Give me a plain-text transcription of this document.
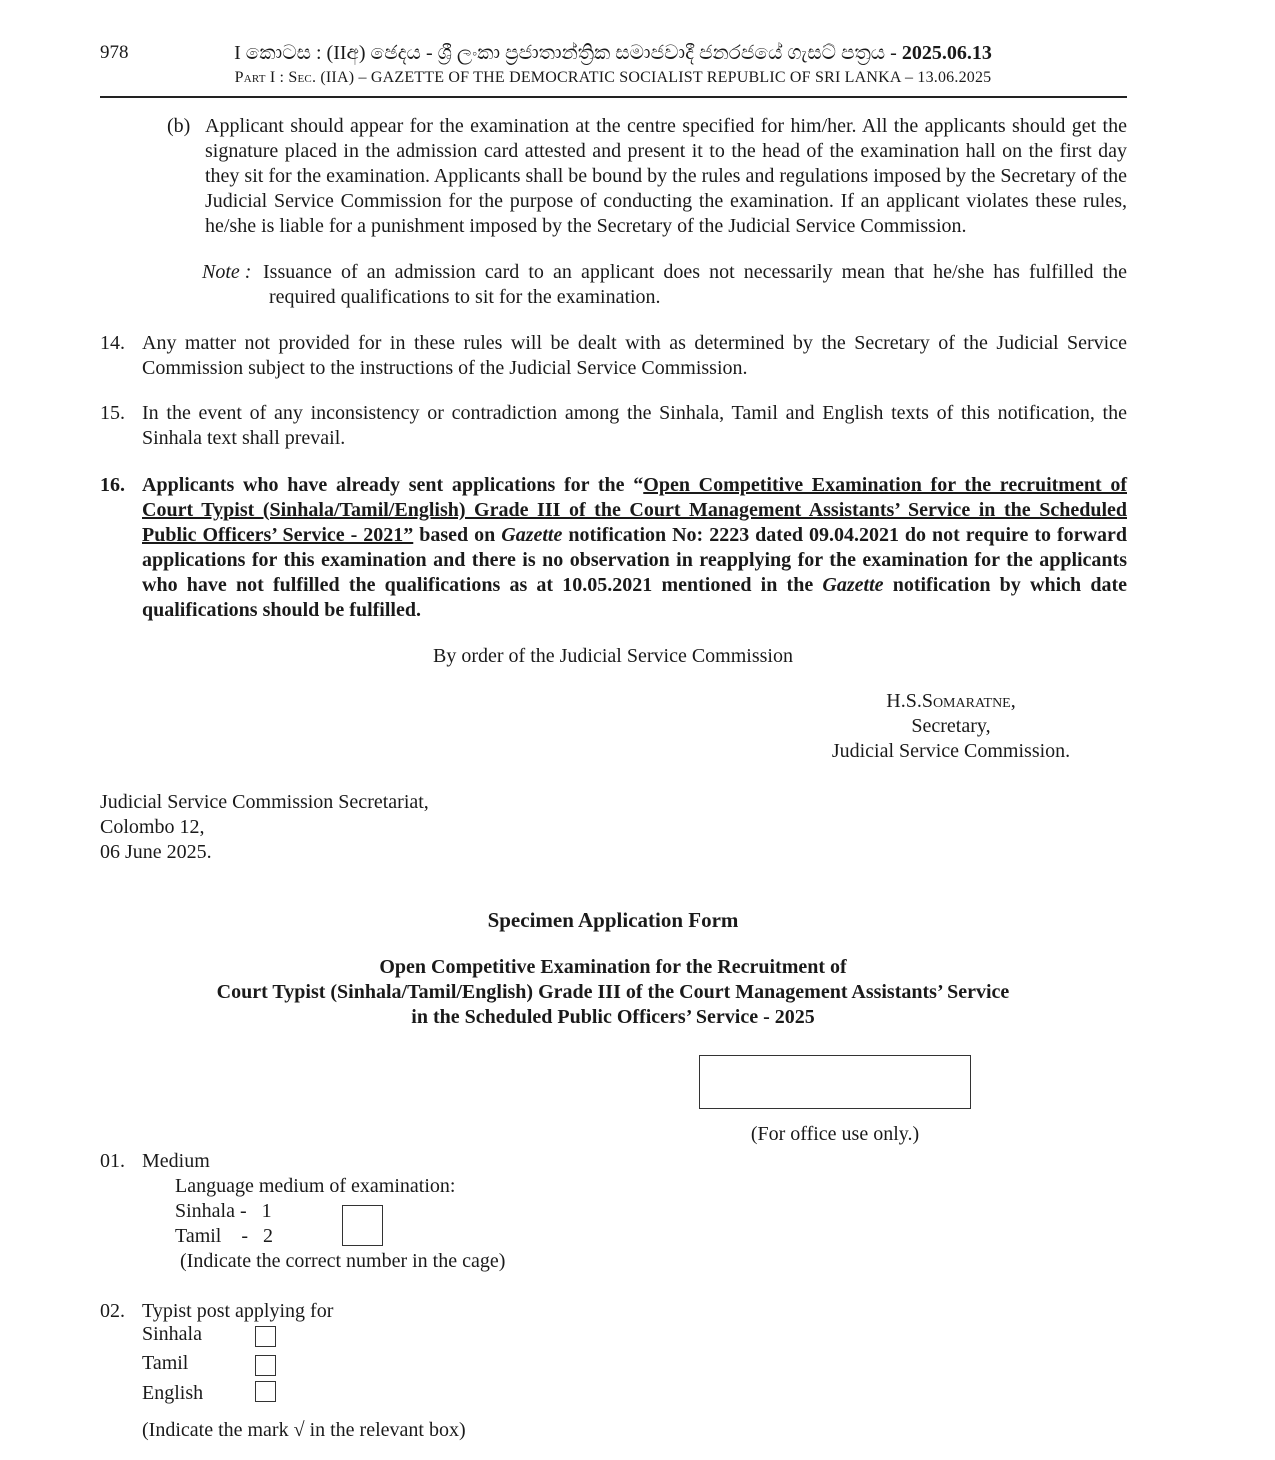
978	I කොටස : (IIඅ) ඡෙදය - ශ්‍රී ලංකා ප්‍රජාතාන්ත්‍රික සමාජවාදී ජනරජයේ ගැසට් පත්‍රය - 2025.06.13
Part I : Sec. (IIA) – GAZETTE OF THE DEMOCRATIC SOCIALIST REPUBLIC OF SRI LANKA – 13.06.2025
(b) Applicant should appear for the examination at the centre specified for him/her. All the applicants should get the signature placed in the admission card attested and present it to the head of the examination hall on the first day they sit for the examination. Applicants shall be bound by the rules and regulations imposed by the Secretary of the Judicial Service Commission for the purpose of conducting the examination. If an applicant violates these rules, he/she is liable for a punishment imposed by the Secretary of the Judicial Service Commission.
Note : Issuance of an admission card to an applicant does not necessarily mean that he/she has fulfilled the
required qualifications to sit for the examination.
14. Any matter not provided for in these rules will be dealt with as determined by the Secretary of the Judicial Service Commission subject to the instructions of the Judicial Service Commission.
15. In the event of any inconsistency or contradiction among the Sinhala, Tamil and English texts of this notification, the Sinhala text shall prevail.
16. Applicants who have already sent applications for the “Open Competitive Examination for the recruitment of Court Typist (Sinhala/Tamil/English) Grade III of the Court Management Assistants’ Service in the Scheduled Public Officers’ Service - 2021” based on Gazette notification No: 2223 dated 09.04.2021 do not require to forward applications for this examination and there is no observation in reapplying for the examination for the applicants who have not fulfilled the qualifications as at 10.05.2021 mentioned in the Gazette notification by which date qualifications should be fulfilled.
By order of the Judicial Service Commission
H.S.Somaratne,
Secretary,
Judicial Service Commission.
Judicial Service Commission Secretariat,
Colombo 12,
06 June 2025.
Specimen Application Form
Open Competitive Examination for the Recruitment of
Court Typist (Sinhala/Tamil/English) Grade III of the Court Management Assistants’ Service
in the Scheduled Public Officers’ Service - 2025
(For office use only.)
01. Medium
Language medium of examination:
Sinhala -   1
Tamil    -   2
(Indicate the correct number in the cage)
02. Typist post applying for
Sinhala
Tamil
English
(Indicate the mark √ in the relevant box)
